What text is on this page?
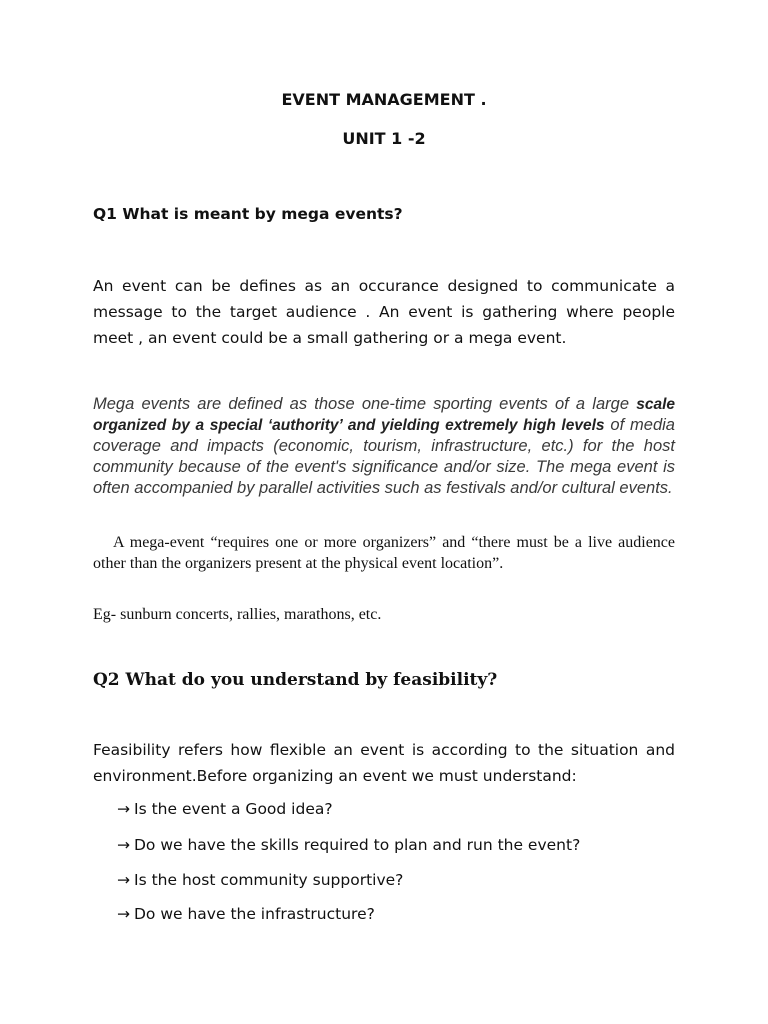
EVENT MANAGEMENT .
UNIT 1 -2
Q1 What is meant by mega events?
An event can be defines as an occurance designed to communicate a message to the target audience . An event is gathering where people meet , an event could be a small gathering or a mega event.
Mega events are defined as those one-time sporting events of a large scale organized by a special ‘authority’ and yielding extremely high levels of media coverage and impacts (economic, tourism, infrastructure, etc.) for the host community because of the event's significance and/or size. The mega event is often accompanied by parallel activities such as festivals and/or cultural events.
A mega-event “requires one or more organizers” and “there must be a live audience other than the organizers present at the physical event location”.
Eg- sunburn concerts, rallies, marathons, etc.
Q2 What do you understand by feasibility?
Feasibility refers how flexible an event is according to the situation and environment.Before organizing an event we must understand:
→ Is the event a Good idea?
→ Do we have the skills required to plan and run the event?
→ Is the host community supportive?
→ Do we have the infrastructure?
